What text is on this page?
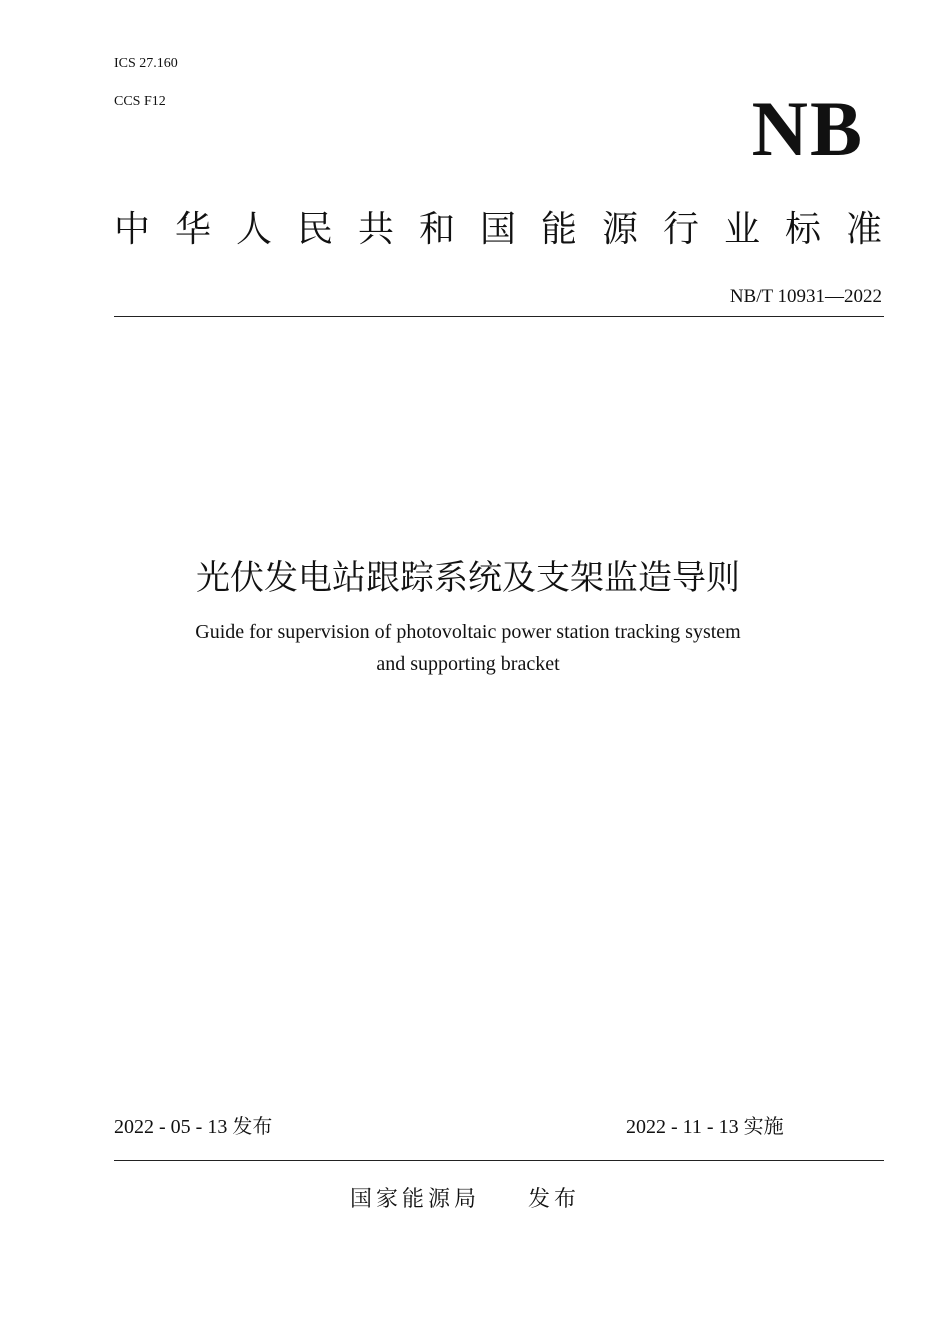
ICS 27.160
CCS F12	NB
中华人民共和国能源行业标准
NB/T 10931—2022
光伏发电站跟踪系统及支架监造导则
Guide for supervision of photovoltaic power station tracking system
and supporting bracket
2022 - 05 - 13 发布	2022 - 11 - 13 实施
国家能源局 发布
